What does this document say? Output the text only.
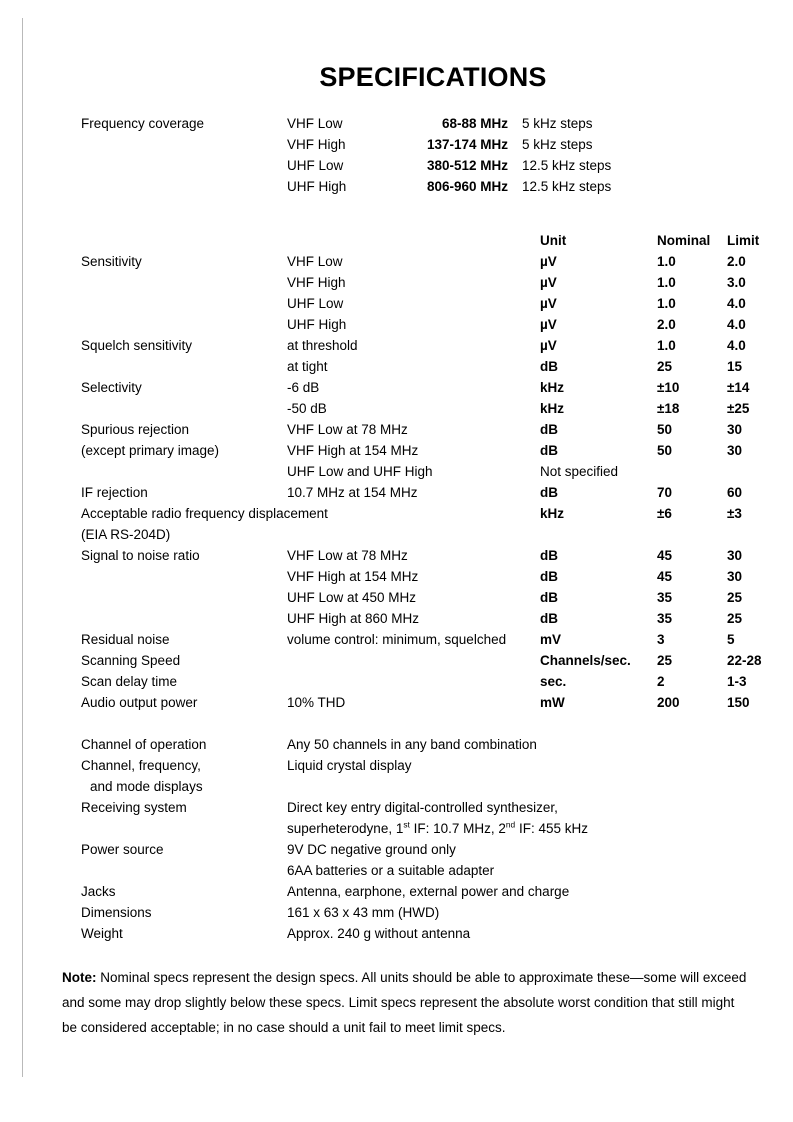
SPECIFICATIONS
Frequency coverage	VHF Low	68-88 MHz 5 kHz steps
VHF High	137-174 MHz 5 kHz steps
UHF Low	380-512 MHz 12.5 kHz steps
UHF High	806-960 MHz 12.5 kHz steps
Unit	Nominal	Limit
Sensitivity	VHF Low	µV	1.0	2.0
VHF High	µV	1.0	3.0
UHF Low	µV	1.0	4.0
UHF High	µV	2.0	4.0
Squelch sensitivity	at threshold	µV	1.0	4.0
at tight	dB	25	15
Selectivity	-6 dB	kHz	±10	±14
-50 dB	kHz	±18	±25
Spurious rejection	VHF Low at 78 MHz	dB	50	30
(except primary image)	VHF High at 154 MHz	dB	50	30
UHF Low and UHF High	Not specified
IF rejection	10.7 MHz at 154 MHz	dB	70	60
Acceptable radio frequency displacement	kHz	±6	±3
(EIA RS-204D)
Signal to noise ratio	VHF Low at 78 MHz	dB	45	30
VHF High at 154 MHz	dB	45	30
UHF Low at 450 MHz	dB	35	25
UHF High at 860 MHz	dB	35	25
Residual noise	volume control: minimum, squelched	mV	3	5
Scanning Speed	Channels/sec.	25	22-28
Scan delay time	sec.	2	1-3
Audio output power	10% THD	mW	200	150
Channel of operation	Any 50 channels in any band combination
Channel, frequency,	Liquid crystal display
and mode displays
Receiving system	Direct key entry digital-controlled synthesizer,
superheterodyne, 1st IF: 10.7 MHz, 2nd IF: 455 kHz
Power source	9V DC negative ground only
6AA batteries or a suitable adapter
Jacks	Antenna, earphone, external power and charge
Dimensions	161 x 63 x 43 mm (HWD)
Weight	Approx. 240 g without antenna
Note: Nominal specs represent the design specs. All units should be able to approximate these—some will exceed
and some may drop slightly below these specs. Limit specs represent the absolute worst condition that still might
be considered acceptable; in no case should a unit fail to meet limit specs.
